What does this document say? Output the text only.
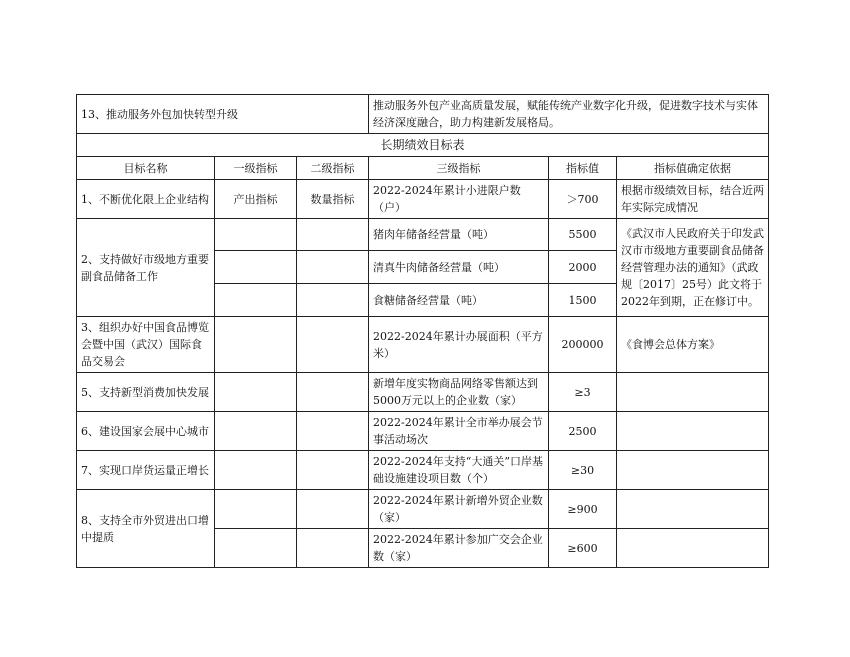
13、推动服务外包加快转型升级			推动服务外包产业高质量发展，赋能传统产业数字化升级，促进数字技术与实体经济深度融合，助力构建新发展格局。		
长期绩效目标表					
目标名称	一级指标	二级指标	三级指标	指标值	指标值确定依据
1、不断优化限上企业结构	产出指标	数量指标	2022-2024年累计小进限户数（户）	＞700	根据市级绩效目标，结合近两年实际完成情况
2、支持做好市级地方重要副食品储备工作			猪肉年储备经营量（吨）	5500	《武汉市人民政府关于印发武汉市市级地方重要副食品储备经营管理办法的通知》（武政规〔2017〕25号）此文将于2022年到期，正在修订中。
			清真牛肉储备经营量（吨）	2000	
			食糖储备经营量（吨）	1500	
3、组织办好中国食品博览会暨中国（武汉）国际食品交易会			2022-2024年累计办展面积（平方米）	200000	《食博会总体方案》
5、支持新型消费加快发展			新增年度实物商品网络零售额达到5000万元以上的企业数（家）	≥3	
6、建设国家会展中心城市			2022-2024年累计全市举办展会节事活动场次	2500	
7、实现口岸货运量正增长			2022-2024年支持“大通关”口岸基础设施建设项目数（个）	≥30	
8、支持全市外贸进出口增中提质			2022-2024年累计新增外贸企业数（家）	≥900	
			2022-2024年累计参加广交会企业数（家）	≥600	
